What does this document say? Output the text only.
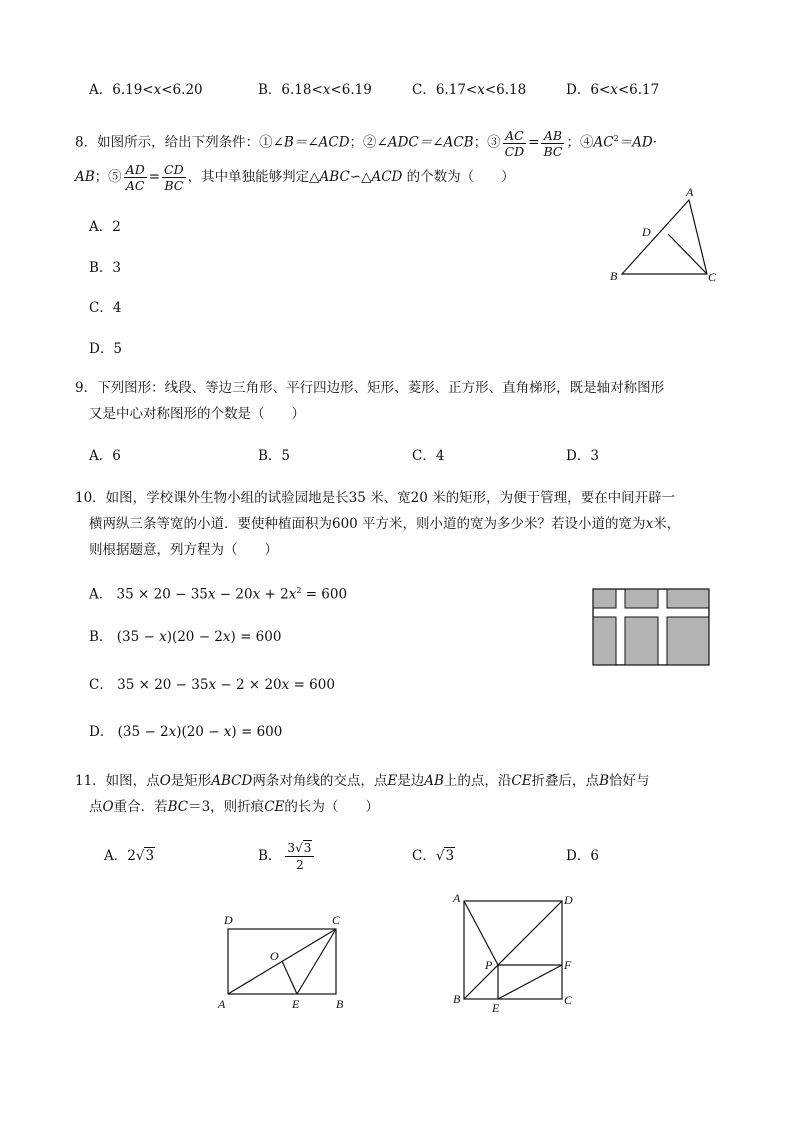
A．6.19<x<6.20	B．6.18<x<6.19	C．6.17<x<6.18	D．6<x<6.17
8．如图所示，给出下列条件：①∠B＝∠ACD；②∠ADC＝∠ACB；③ $\frac{AC}{CD} = \frac{AB}{BC}$ ；$④AC^2=AD\cdot$
AB；⑤ $\frac{AD}{AC} = \frac{CD}{BC}$ ，其中单独能够判定△ABC∽△ACD 的个数为（　　）
A．2
B．3
C．4
D．5
A
B	C
D
9．下列图形：线段、等边三角形、平行四边形、矩形、菱形、正方形、直角梯形，既是轴对称图形
又是中心对称图形的个数是（　　）
A．6	B．5	C．4	D．3
10．如图，学校课外生物小组的试验园地是长35 米、宽20 米的矩形，为便于管理，要在中间开辟一
横两纵三条等宽的小道．要使种植面积为600 平方米，则小道的宽为多少米？若设小道的宽为x米，
则根据题意，列方程为（　　）
A． $35 \times 20 - 35x - 20x + 2x^2 = 600$
B． (35 − x)(20 − 2x) = 600
C． 35 × 20 − 35x − 2 × 20x = 600
D． (35 − 2x)(20 − x) = 600
11．如图，点O是矩形ABCD两条对角线的交点，点E是边AB上的点，沿CE折叠后，点B恰好与
点O重合．若BC＝3，则折痕CE的长为（　　）
A．2√3	B． $\frac{3√3}{2}$	C．√3	D．6
D	C
A	E	B
O
A	D
B
E
C
F
P
